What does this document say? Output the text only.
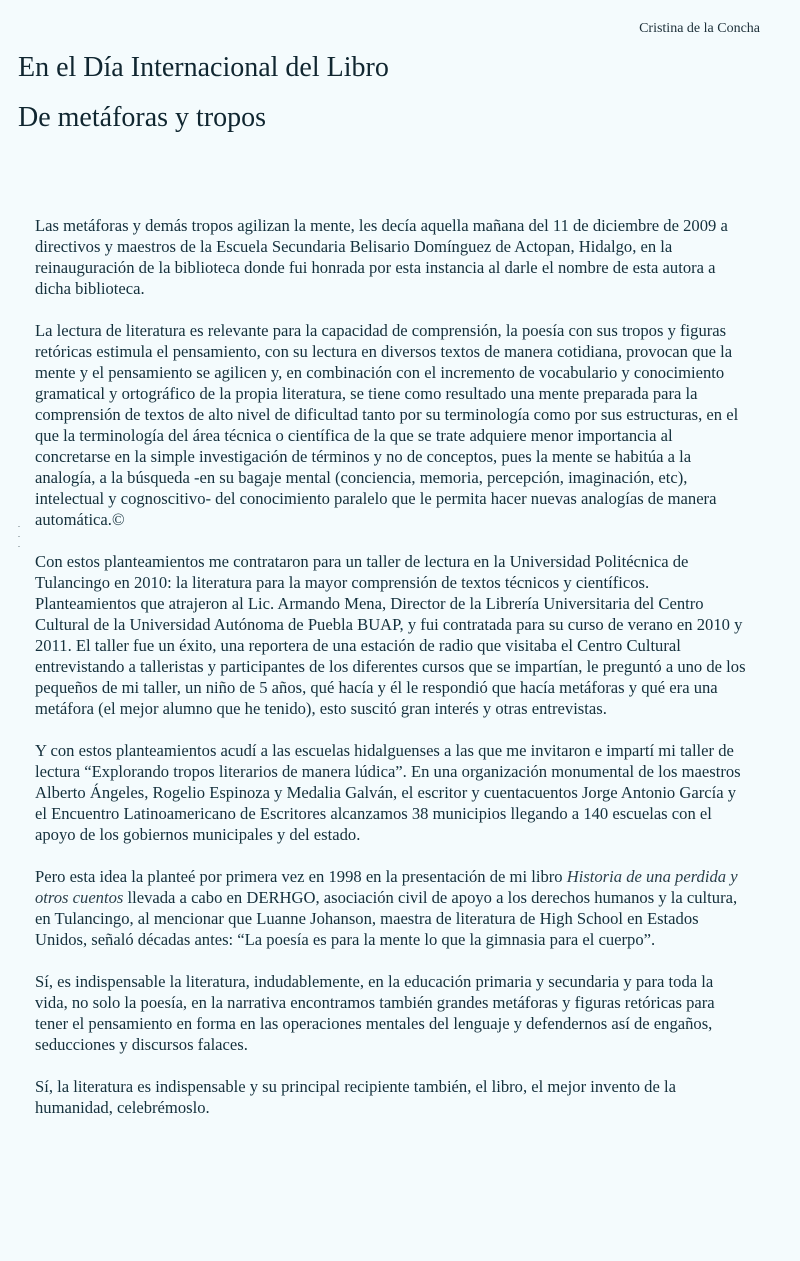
Cristina de la Concha
En el Día Internacional del Libro
De metáforas y tropos
.
.
.

Las metáforas y demás tropos agilizan la mente, les decía aquella mañana del 11 de diciembre de 2009 a directivos y maestros de la Escuela Secundaria Belisario Domínguez de Actopan, Hidalgo, en la reinauguración de la biblioteca donde fui honrada por esta instancia al darle el nombre de esta autora a dicha biblioteca.

La lectura de literatura es relevante para la capacidad de comprensión, la poesía con sus tropos y figuras retóricas estimula el pensamiento, con su lectura en diversos textos de manera cotidiana, provocan que la mente y el pensamiento se agilicen y, en combinación con el incremento de vocabulario y conocimiento gramatical y ortográfico de la propia literatura, se tiene como resultado una mente preparada para la comprensión de textos de alto nivel de dificultad tanto por su terminología como por sus estructuras, en el que la terminología del área técnica o científica de la que se trate adquiere menor importancia al concretarse en la simple investigación de términos y no de conceptos, pues la mente se habitúa a la analogía, a la búsqueda -en su bagaje mental (conciencia, memoria, percepción, imaginación, etc), intelectual y cognoscitivo- del conocimiento paralelo que le permita hacer nuevas analogías de manera automática.©

Con estos planteamientos me contrataron para un taller de lectura en la Universidad Politécnica de Tulancingo en 2010: la literatura para la mayor comprensión de textos técnicos y científicos. Planteamientos que atrajeron al Lic. Armando Mena, Director de la Librería Universitaria del Centro Cultural de la Universidad Autónoma de Puebla BUAP, y fui contratada para su curso de verano en 2010 y 2011. El taller fue un éxito, una reportera de una estación de radio que visitaba el Centro Cultural entrevistando a talleristas y participantes de los diferentes cursos que se impartían, le preguntó a uno de los pequeños de mi taller, un niño de 5 años, qué hacía y él le respondió que hacía metáforas y qué era una metáfora (el mejor alumno que he tenido), esto suscitó gran interés y otras entrevistas.

Y con estos planteamientos acudí a las escuelas hidalguenses a las que me invitaron e impartí mi taller de lectura “Explorando tropos literarios de manera lúdica”. En una organización monumental de los maestros Alberto Ángeles, Rogelio Espinoza y Medalia Galván, el escritor y cuentacuentos Jorge Antonio García y el Encuentro Latinoamericano de Escritores alcanzamos 38 municipios llegando a 140 escuelas con el apoyo de los gobiernos municipales y del estado.

Pero esta idea la planteé por primera vez en 1998 en la presentación de mi libro Historia de una perdida y otros cuentos llevada a cabo en DERHGO, asociación civil de apoyo a los derechos humanos y la cultura, en Tulancingo, al mencionar que Luanne Johanson, maestra de literatura de High School en Estados Unidos, señaló décadas antes: “La poesía es para la mente lo que la gimnasia para el cuerpo”.

Sí, es indispensable la literatura, indudablemente, en la educación primaria y secundaria y para toda la vida, no solo la poesía, en la narrativa encontramos también grandes metáforas y figuras retóricas para tener el pensamiento en forma en las operaciones mentales del lenguaje y defendernos así de engaños, seducciones y discursos falaces.

Sí, la literatura es indispensable y su principal recipiente también, el libro, el mejor invento de la humanidad, celebrémoslo.
